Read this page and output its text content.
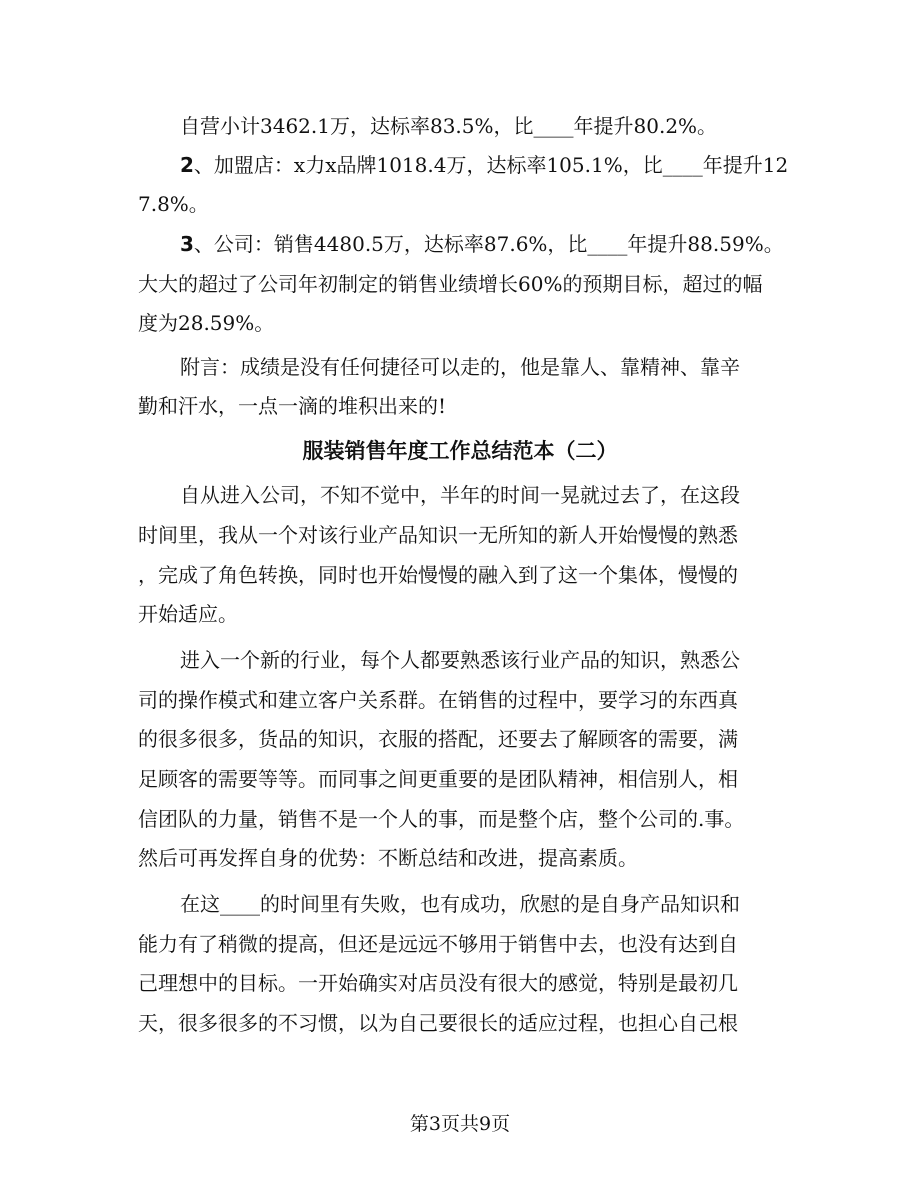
自营小计3462.1万，达标率83.5%，比____年提升80.2%。
2、加盟店：x力x品牌1018.4万，达标率105.1%，比____年提升12
7.8%。
3、公司：销售4480.5万，达标率87.6%，比____年提升88.59%。
大大的超过了公司年初制定的销售业绩增长60%的预期目标，超过的幅
度为28.59%。
附言：成绩是没有任何捷径可以走的，他是靠人、靠精神、靠辛
勤和汗水，一点一滴的堆积出来的!
服装销售年度工作总结范本（二）
自从进入公司，不知不觉中，半年的时间一晃就过去了，在这段
时间里，我从一个对该行业产品知识一无所知的新人开始慢慢的熟悉
，完成了角色转换，同时也开始慢慢的融入到了这一个集体，慢慢的
开始适应。
进入一个新的行业，每个人都要熟悉该行业产品的知识，熟悉公
司的操作模式和建立客户关系群。在销售的过程中，要学习的东西真
的很多很多，货品的知识，衣服的搭配，还要去了解顾客的需要，满
足顾客的需要等等。而同事之间更重要的是团队精神，相信别人，相
信团队的力量，销售不是一个人的事，而是整个店，整个公司的.事。
然后可再发挥自身的优势：不断总结和改进，提高素质。
在这____的时间里有失败，也有成功，欣慰的是自身产品知识和
能力有了稍微的提高，但还是远远不够用于销售中去，也没有达到自
己理想中的目标。一开始确实对店员没有很大的感觉，特别是最初几
天，很多很多的不习惯，以为自己要很长的适应过程，也担心自己根
第3页共9页
